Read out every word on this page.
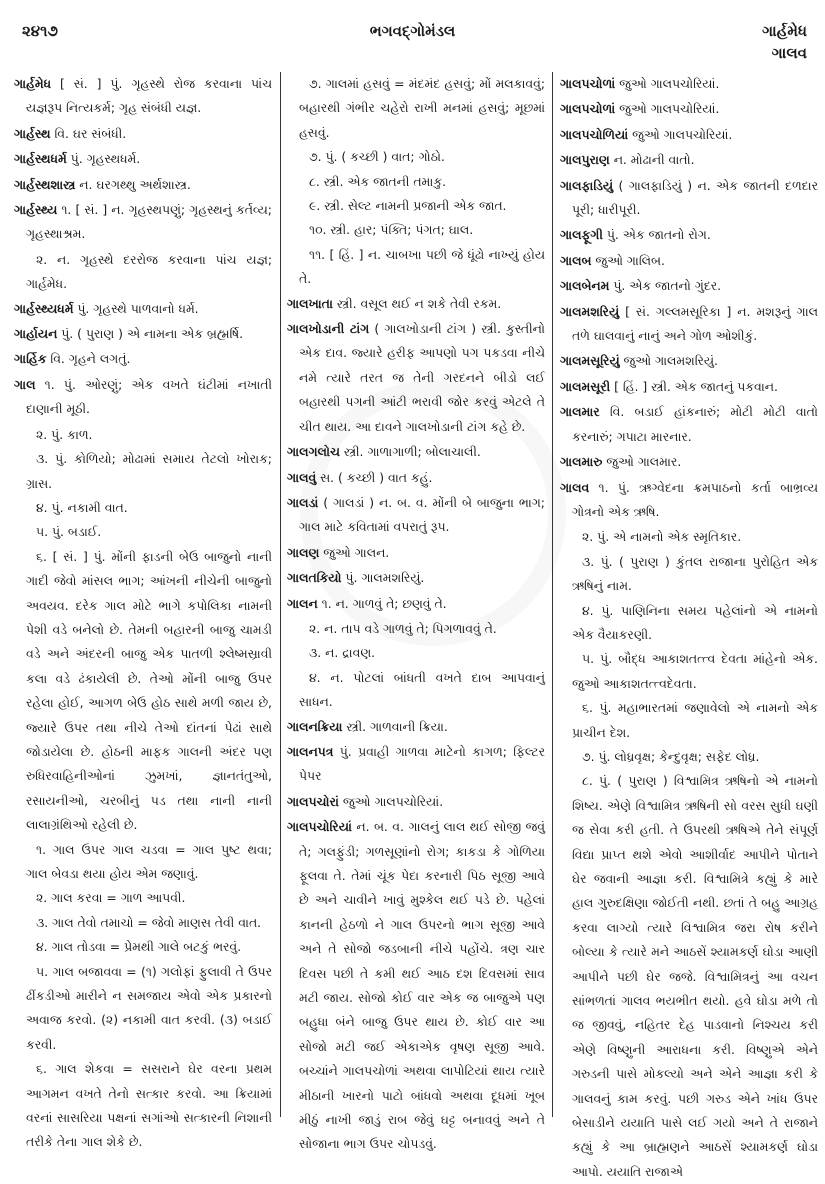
૨૪૧૭	ભગવદ્ગોમંડલ	ગાર્હમેધ
ગાલવ

ગાર્હમેધ [ સં. ] પું. ગૃહસ્થે રોજ કરવાના પાંચ યજ્ઞરૂપ નિત્યકર્મ; ગૃહ સંબંધી યજ્ઞ.

ગાર્હસ્થ વિ. ઘર સંબંધી.

ગાર્હસ્થધર્મ પું. ગૃહસ્થધર્મ.

ગાર્હસ્થશાસ્ત્ર ન. ઘરગથ્થુ અર્થશાસ્ત્ર.

ગાર્હસ્થ્ય ૧. [ સં. ] ન. ગૃહસ્થપણું; ગૃહસ્થનું કર્તવ્ય; ગૃહસ્થાશ્રમ.

૨. ન. ગૃહસ્થે દરરોજ કરવાના પાંચ યજ્ઞ; ગાર્હમેધ.

ગાર્હસ્થ્યધર્મ પું. ગૃહસ્થે પાળવાનો ધર્મ.

ગાર્હાયન પું. ( પુરાણ ) એ નામના એક બ્રહ્મર્ષિ.

ગાર્હિક વિ. ગૃહને લગતું.

ગાલ ૧. પું. ઓરણું; એક વખતે ઘંટીમાં નખાતી દાણાની મૂઠી.

૨. પું. કાળ.

૩. પું. કોળિયો; મોઢામાં સમાય તેટલો ખોરાક; ગ્રાસ.

૪. પું. નકામી વાત.

૫. પું. બડાઈ.

૬. [ સં. ] પું. મોંની ફાડની બેઉ બાજુનો નાની ગાદી જેવો માંસલ ભાગ; આંખની નીચેની બાજુનો અવયવ. દરેક ગાલ મોટે ભાગે કપોલિકા નામની પેશી વડે બનેલો છે. તેમની બહારની બાજુ ચામડી વડે અને અંદરની બાજુ એક પાતળી શ્લેષ્મસ્રાવી કલા વડે ઢંકાયેલી છે. તેઓ મોંની બાજુ ઉપર રહેલા હોઈ, આગળ બેઉ હોઠ સાથે મળી જાય છે, જ્યારે ઉપર તથા નીચે તેઓ દાંતનાં પેઢાં સાથે જોડાયેલા છે. હોઠની માફક ગાલની અંદર પણ રુધિરવાહિનીઓનાં ઝુમખાં, જ્ઞાનતંતુઓ, રસાયનીઓ, ચરબીનું પડ તથા નાની નાની લાલાગ્રંથિઓ રહેલી છે.

૧. ગાલ ઉપર ગાલ ચડવા = ગાલ પુષ્ટ થવા; ગાલ બેવડા થયા હોય એમ જણાવું.

૨. ગાલ કરવા = ગાળ આપવી.

૩. ગાલ તેવો તમાચો = જેવો માણસ તેવી વાત.

૪. ગાલ તોડવા = પ્રેમથી ગાલે બટકું ભરવું.

૫. ગાલ બજાવવા = (૧) ગલોફાં ફુલાવી તે ઉપર ઢીંકડીઓ મારીને ન સમજાય એવો એક પ્રકારનો અવાજ કરવો. (૨) નકામી વાત કરવી. (૩) બડાઈ કરવી.

૬. ગાલ શેકવા = સસરાને ઘેર વરના પ્રથમ આગમન વખતે તેનો સત્કાર કરવો. આ ક્રિયામાં વરનાં સાસરિયા પક્ષનાં સગાંઓ સત્કારની નિશાની તરીકે તેના ગાલ શેકે છે.

૭. ગાલમાં હસવું = મંદમંદ હસવું; મોં મલકાવવું; બહારથી ગંભીર ચહેરો રાખી મનમાં હસવું; મૂછમાં હસવું.

૭. પું. ( કચ્છી ) વાત; ગોઠો.

૮. સ્ત્રી. એક જાતની તમાકુ.

૯. સ્ત્રી. સેલ્ટ નામની પ્રજાની એક જાત.

૧૦. સ્ત્રી. હાર; પંક્તિ; પંગત; ઘાલ.

૧૧. [ હિં. ] ન. ચાબખા પછી જે ધૂંઢો નાખ્યું હોય તે.

ગાલખાતા સ્ત્રી. વસૂલ થઈ ન શકે તેવી રકમ.

ગાલખોડાની ટાંગ ( ગાલખોડાની ટાંગ ) સ્ત્રી. કુસ્તીનો એક દાવ. જ્યારે હરીફ આપણો પગ પકડવા નીચે નમે ત્યારે તરત જ તેની ગરદનને બીડો લઈ બહારથી પગની આંટી ભરાવી જોર કરવું એટલે તે ચીત થાય. આ દાવને ગાલખોડાની ટાંગ કહે છે.

ગાલગલોચ સ્ત્રી. ગાળાગાળી; બોલાચાલી.

ગાલવું સ. ( કચ્છી ) વાત કહું.

ગાલડાં ( ગાલડાં ) ન. બ. વ. મોંની બે બાજુના ભાગ; ગાલ માટે કવિતામાં વપરાતું રૂપ.

ગાલણ જુઓ ગાલન.

ગાલતકિયો પું. ગાલમશરિયું.

ગાલન ૧. ન. ગાળવું તે; છણવું તે.

૨. ન. તાપ વડે ગાળવું તે; પિગળાવવું તે.

૩. ન. દ્રાવણ.

૪. ન. પોટલાં બાંધતી વખતે દાબ આપવાનું સાધન.

ગાલનક્રિયા સ્ત્રી. ગાળવાની ક્રિયા.

ગાલનપત્ર પું. પ્રવાહી ગાળવા માટેનો કાગળ; ફિલ્ટર પેપર

ગાલપચોરાં જુઓ ગાલપચોરિયાં.

ગાલપચોરિયાં ન. બ. વ. ગાલનું લાલ થઈ સોજી જવું તે; ગલફુંડી; ગળસૂણાંનો રોગ; કાકડા કે ગોળિયા ફૂલવા તે. તેમાં ચૂંક પેદા કરનારી પિઠ સૂજી આવે છે અને ચાવીને ખાવું મુશ્કેલ થઈ પડે છે. પહેલાં કાનની હેઠળો ને ગાલ ઉપરનો ભાગ સૂજી આવે અને તે સોજો જડબાની નીચે પહોંચે. ત્રણ ચાર દિવસ પછી તે કમી થઈ આઠ દશ દિવસમાં સાવ મટી જાય. સોજો કોઈ વાર એક જ બાજુએ પણ બહુધા બંને બાજુ ઉપર થાય છે. કોઈ વાર આ સોજો મટી જઈ એકાએક વૃષણ સૂજી આવે. બચ્ચાંને ગાલપચોળાં અથવા લાપોટિયાં થાય ત્યારે મીઠાની ખારનો પાટો બાંધવો અથવા દૂધમાં ખૂબ મીઠું નાખી જાડું રાબ જેવું ઘટ્ટ બનાવવું અને તે સોજાના ભાગ ઉપર ચોપડવું.

ગાલપચોળાં જુઓ ગાલપચોરિયાં.

ગાલપચોળાં જુઓ ગાલપચોરિયાં.

ગાલપચોળિયાં જુઓ ગાલપચોરિયાં.

ગાલપુરાણ ન. મોઢાની વાતો.

ગાલફાડિયું ( ગાલફાડિયું ) ન. એક જાતની દળદાર પૂરી; ધારીપૂરી.

ગાલફૂગી પું. એક જાતનો રોગ.

ગાલબ જુઓ ગાલિબ.

ગાલબેનમ પું. એક જાતનો ગુંદર.

ગાલમશરિયું [ સં. ગલ્લમસૂરિકા ] ન. મશરૂનું ગાલ તળે ઘાલવાનું નાનું અને ગોળ ઓશીકું.

ગાલમસૂરિયું જુઓ ગાલમશરિયું.

ગાલમસૂરી [ હિં. ] સ્ત્રી. એક જાતનું પકવાન.

ગાલમાર વિ. બડાઈ હાંકનારું; મોટી મોટી વાતો કરનારું; ગપાટા મારનાર.

ગાલમારુ જુઓ ગાલમાર.

ગાલવ ૧. પું. ઋગ્વેદના ક્રમપાઠનો કર્તા બાભ્રવ્ય ગોત્રનો એક ઋષિ.

૨. પું. એ નામનો એક સ્મૃતિકાર.

૩. પું. ( પુરાણ ) કુંતલ રાજાના પુરોહિત એક ઋષિનું નામ.

૪. પું. પાણિનિના સમય પહેલાંનો એ નામનો એક વૈયાકરણી.

૫. પું. બૌદ્ધ આકાશતત્ત્વ દેવતા માંહેનો એક. જુઓ આકાશતત્ત્વદેવતા.

૬. પું. મહાભારતમાં જણાવેલો એ નામનો એક પ્રાચીન દેશ.

૭. પું. લોધ્રવૃક્ષ; કેન્દુવૃક્ષ; સફેદ લોધ્ર.

૮. પું. ( પુરાણ ) વિશ્વામિત્ર ઋષિનો એ નામનો શિષ્ય. એણે વિશ્વામિત્ર ઋષિની સો વરસ સુધી ઘણી જ સેવા કરી હતી. તે ઉપરથી ઋષિએ તેને સંપૂર્ણ વિદ્યા પ્રાપ્ત થશે એવો આશીર્વાદ આપીને પોતાને ઘેર જવાની આજ્ઞા કરી. વિશ્વામિત્રે કહ્યું કે મારે હાલ ગુરુદક્ષિણા જોઈતી નથી. છતાં તે બહુ આગ્રહ કરવા લાગ્યો ત્યારે વિશ્વામિત્ર જરા રોષ કરીને બોલ્યા કે ત્યારે મને આઠસેં શ્યામકર્ણ ઘોડા આણી આપીને પછી ઘેર જજે. વિશ્વામિત્રનું આ વચન સાંભળતાં ગાલવ ભયભીત થયો. હવે ઘોડા મળે તો જ જીવવું, નહિતર દેહ પાડવાનો નિશ્ચય કરી એણે વિષ્ણુની આરાધના કરી. વિષ્ણુએ એને ગરુડની પાસે મોકલ્યો અને એને આજ્ઞા કરી કે ગાલવનું કામ કરવું. પછી ગરુડ એને ખાંધ ઉપર બેસાડીને યયાતિ પાસે લઈ ગયો અને તે રાજાને કહ્યું કે આ બ્રાહ્મણને આઠસેં શ્યામકર્ણ ઘોડા આપો. યયાતિ રાજાએ
